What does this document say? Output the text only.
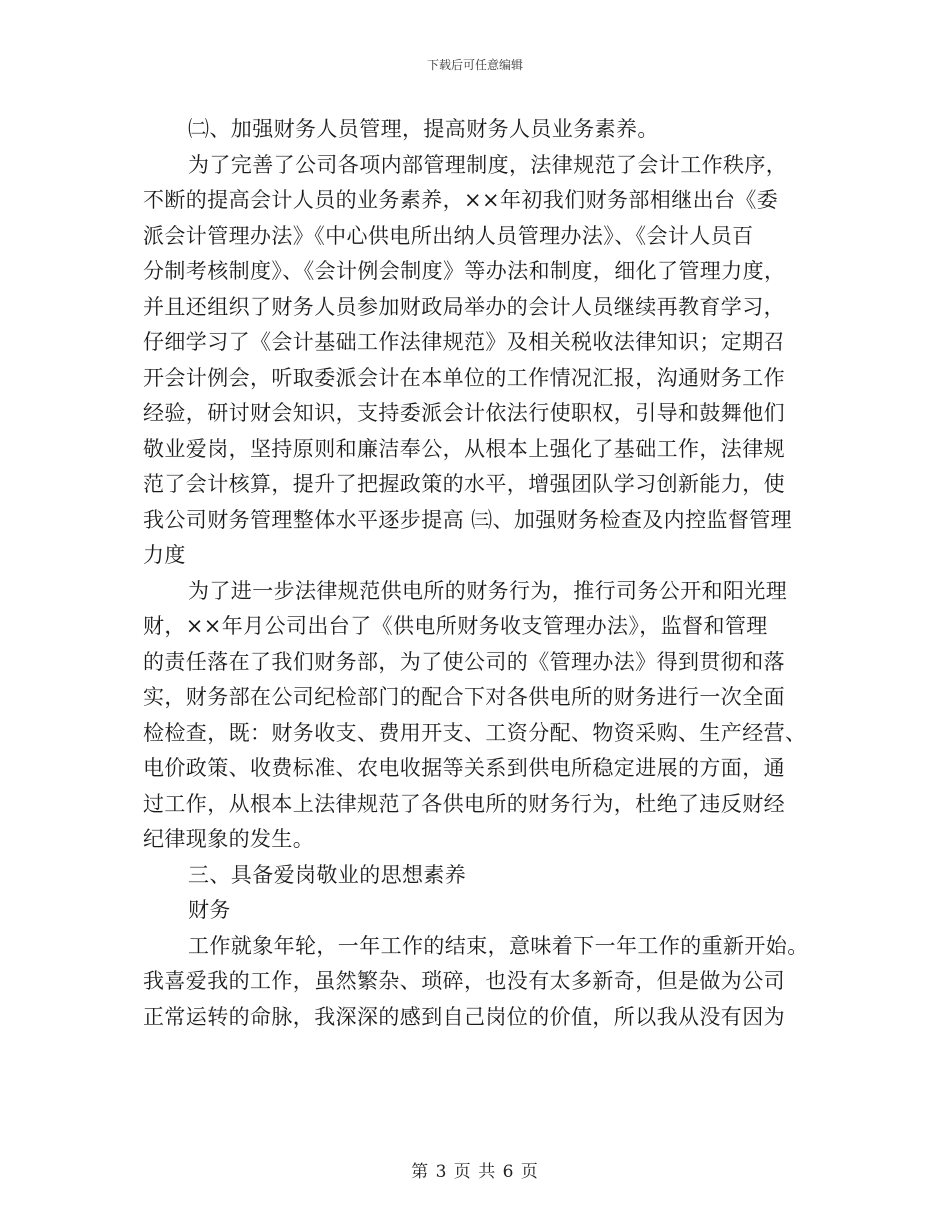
下载后可任意编辑
㈡、加强财务人员管理，提高财务人员业务素养。
为了完善了公司各项内部管理制度，法律规范了会计工作秩序，
不断的提高会计人员的业务素养，××年初我们财务部相继出台《委
派会计管理办法》《中心供电所出纳人员管理办法》、《会计人员百
分制考核制度》、《会计例会制度》等办法和制度，细化了管理力度，
并且还组织了财务人员参加财政局举办的会计人员继续再教育学习，
仔细学习了《会计基础工作法律规范》及相关税收法律知识；定期召
开会计例会，听取委派会计在本单位的工作情况汇报，沟通财务工作
经验，研讨财会知识，支持委派会计依法行使职权，引导和鼓舞他们
敬业爱岗，坚持原则和廉洁奉公，从根本上强化了基础工作，法律规
范了会计核算，提升了把握政策的水平，增强团队学习创新能力，使
我公司财务管理整体水平逐步提高 ㈢、加强财务检查及内控监督管理
力度
为了进一步法律规范供电所的财务行为，推行司务公开和阳光理
财，××年月公司出台了《供电所财务收支管理办法》，监督和管理
的责任落在了我们财务部，为了使公司的《管理办法》得到贯彻和落
实，财务部在公司纪检部门的配合下对各供电所的财务进行一次全面
检检查，既：财务收支、费用开支、工资分配、物资采购、生产经营、
电价政策、收费标准、农电收据等关系到供电所稳定进展的方面，通
过工作，从根本上法律规范了各供电所的财务行为，杜绝了违反财经
纪律现象的发生。
三、具备爱岗敬业的思想素养
财务
工作就象年轮，一年工作的结束，意味着下一年工作的重新开始。
我喜爱我的工作，虽然繁杂、琐碎，也没有太多新奇，但是做为公司
正常运转的命脉，我深深的感到自己岗位的价值，所以我从没有因为
第 3 页 共 6 页
